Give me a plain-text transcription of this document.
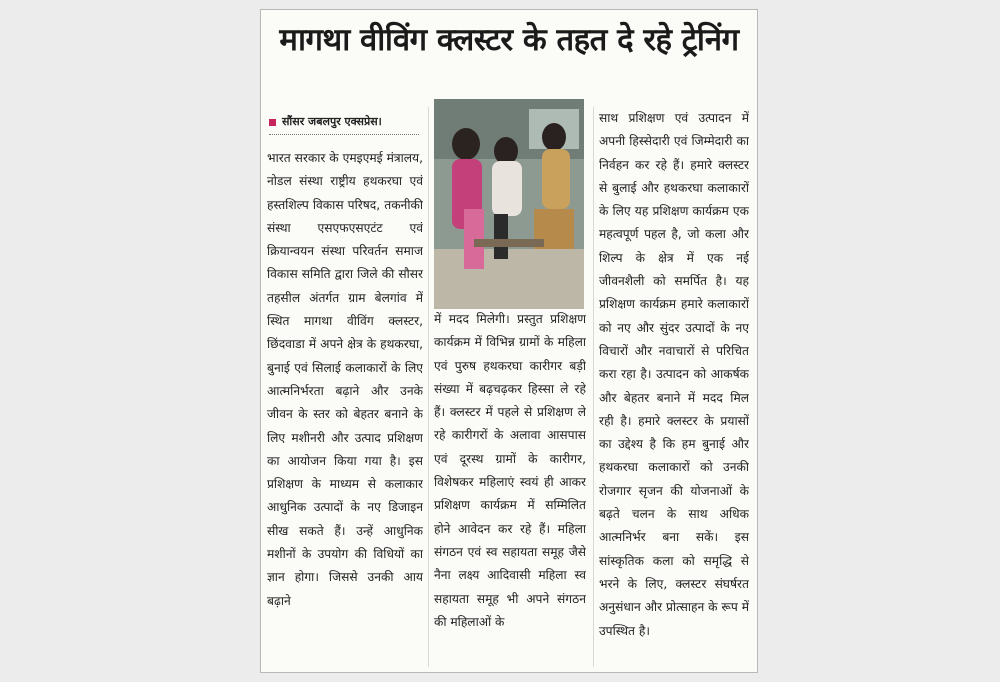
मागथा वीविंग क्लस्टर के तहत दे रहे ट्रेनिंग
सौंसर जबलपुर एक्सप्रेस।

भारत सरकार के एमइएमई मंत्रालय, नोडल संस्था राष्ट्रीय हथकरघा एवं हस्तशिल्प विकास परिषद, तकनीकी संस्था एसएफएसएटंट एवं क्रियान्वयन संस्था परिवर्तन समाज विकास समिति द्वारा जिले की सौसर तहसील अंतर्गत ग्राम बेलगांव में स्थित मागथा वीविंग क्लस्टर, छिंदवाडा में अपने क्षेत्र के हथकरघा, बुनाई एवं सिलाई कलाकारों के लिए आत्मनिर्भरता बढ़ाने और उनके जीवन के स्तर को बेहतर बनाने के लिए मशीनरी और उत्पाद प्रशिक्षण का आयोजन किया गया है। इस प्रशिक्षण के माध्यम से कलाकार आधुनिक उत्पादों के नए डिजाइन सीख सकते हैं। उन्हें आधुनिक मशीनों के उपयोग की विधियों का ज्ञान होगा। जिससे उनकी आय बढ़ाने

में मदद मिलेगी। प्रस्तुत प्रशिक्षण कार्यक्रम में विभिन्न ग्रामों के महिला एवं पुरुष हथकरघा कारीगर बड़ी संख्या में बढ़चढ़कर हिस्सा ले रहे हैं। क्लस्टर में पहले से प्रशिक्षण ले रहे कारीगरों के अलावा आसपास एवं दूरस्थ ग्रामों के कारीगर, विशेषकर महिलाएं स्वयं ही आकर प्रशिक्षण कार्यक्रम में सम्मिलित होने आवेदन कर रहे हैं। महिला संगठन एवं स्व सहायता समूह जैसे नैना लक्ष्य आदिवासी महिला स्व सहायता समूह भी अपने संगठन की महिलाओं के

साथ प्रशिक्षण एवं उत्पादन में अपनी हिस्सेदारी एवं जिम्मेदारी का निर्वहन कर रहे हैं। हमारे क्लस्टर से बुलाई और हथकरघा कलाकारों के लिए यह प्रशिक्षण कार्यक्रम एक महत्वपूर्ण पहल है, जो कला और शिल्प के क्षेत्र में एक नई जीवनशैली को समर्पित है। यह प्रशिक्षण कार्यक्रम हमारे कलाकारों को नए और सुंदर उत्पादों के नए विचारों और नवाचारों से परिचित करा रहा है। उत्पादन को आकर्षक और बेहतर बनाने में मदद मिल रही है। हमारे क्लस्टर के प्रयासों का उद्देश्य है कि हम बुनाई और हथकरघा कलाकारों को उनकी रोजगार सृजन की योजनाओं के बढ़ते चलन के साथ अधिक आत्मनिर्भर बना सकें। इस सांस्कृतिक कला को समृद्धि से भरने के लिए, क्लस्टर संघर्षरत अनुसंधान और प्रोत्साहन के रूप में उपस्थित है।
